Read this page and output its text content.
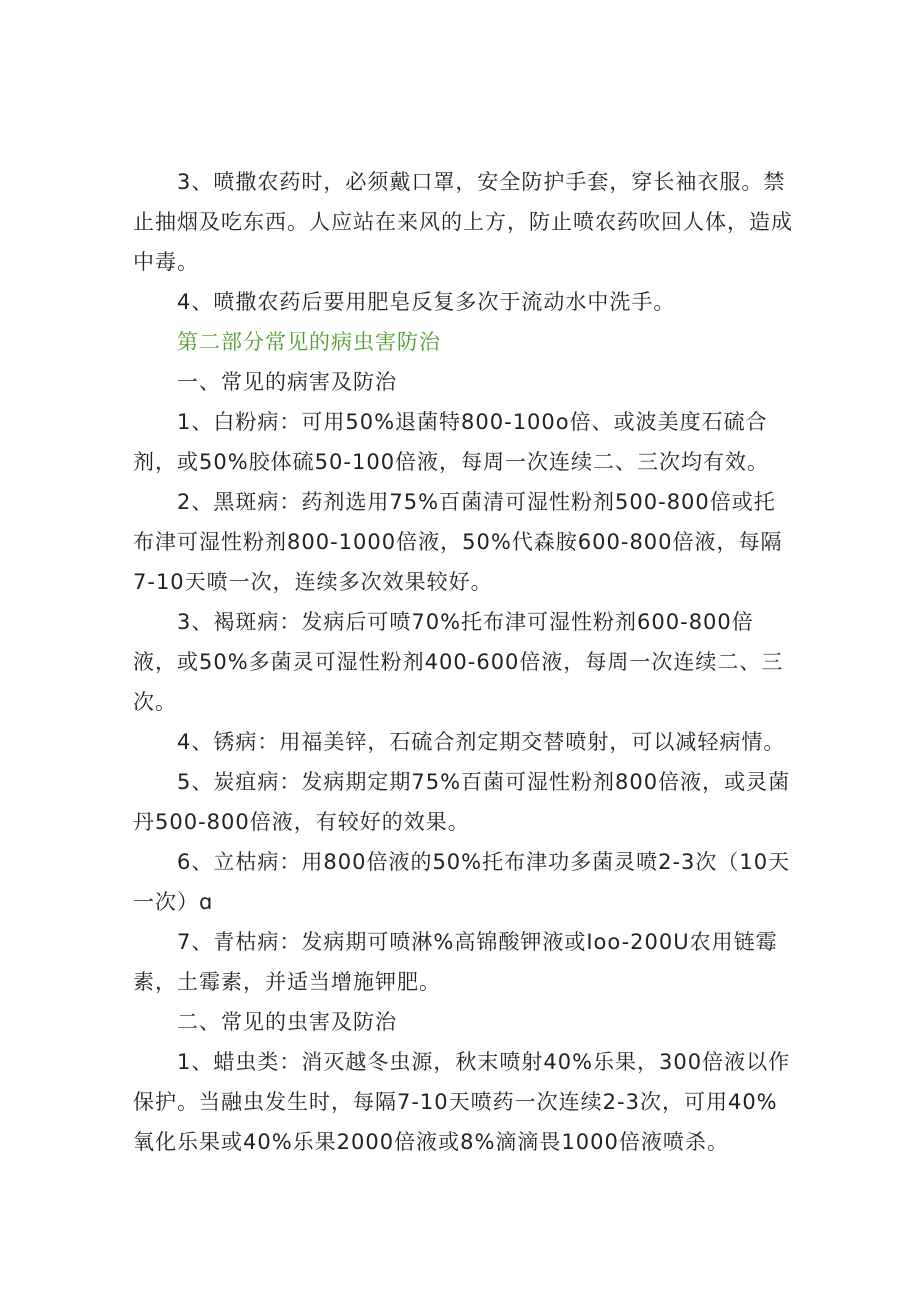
3、喷撒农药时，必须戴口罩，安全防护手套，穿长袖衣服。禁止抽烟及吃东西。人应站在来风的上方，防止喷农药吹回人体，造成中毒。

4、喷撒农药后要用肥皂反复多次于流动水中洗手。

第二部分常见的病虫害防治

一、常见的病害及防治

1、白粉病：可用50%退菌特800-100o倍、或波美度石硫合剂，或50%胶体硫50-100倍液，每周一次连续二、三次均有效。

2、黑斑病：药剂选用75%百菌清可湿性粉剂500-800倍或托布津可湿性粉剂800-1000倍液，50%代森胺600-800倍液，每隔7-10天喷一次，连续多次效果较好。

3、褐斑病：发病后可喷70%托布津可湿性粉剂600-800倍液，或50%多菌灵可湿性粉剂400-600倍液，每周一次连续二、三次。

4、锈病：用福美锌，石硫合剂定期交替喷射，可以减轻病情。

5、炭疽病：发病期定期75%百菌可湿性粉剂800倍液，或灵菌丹500-800倍液，有较好的效果。

6、立枯病：用800倍液的50%托布津功多菌灵喷2-3次（10天一次）ɑ

7、青枯病：发病期可喷淋%高锦酸钾液或Ioo-200U农用链霉素，土霉素，并适当增施钾肥。

二、常见的虫害及防治

1、蜡虫类：消灭越冬虫源，秋末喷射40%乐果，300倍液以作保护。当融虫发生时，每隔7-10天喷药一次连续2-3次，可用40%氧化乐果或40%乐果2000倍液或8%滴滴畏1000倍液喷杀。
